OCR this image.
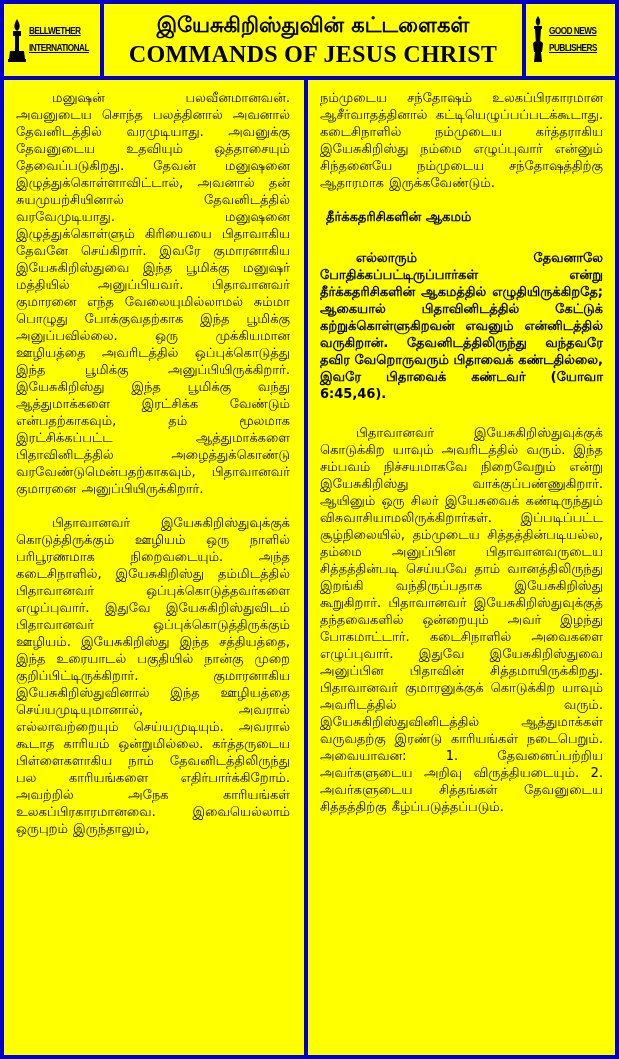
BELLWETHER
INTERNATIONAL
இயேசுகிறிஸ்துவின் கட்டளைகள்
COMMANDS OF JESUS CHRIST
GOOD NEWS
PUBLISHERS

மனுஷன் பலவீனமானவன். அவனுடைய சொந்த பலத்தினால் அவனால் தேவனிடத்தில் வரமுடியாது. அவனுக்கு தேவனுடைய உதவியும் ஒத்தாசையும் தேவைப்படுகிறது. தேவன் மனுஷனை இழுத்துக்கொள்ளாவிட்டால், அவனால் தன் சுயமுயற்சியினால் தேவனிடத்தில் வரவேமுடியாது. மனுஷனை இழுத்துக்கொள்ளும் கிரியையை பிதாவாகிய தேவனே செய்கிறார். இவரே குமாரனாகிய இயேசுகிறிஸ்துவை இந்த பூமிக்கு மனுஷர் மத்தியில் அனுப்பியவர். பிதாவானவர் குமாரனை எந்த வேலையுமில்லாமல் சும்மா பொழுது போக்குவதற்காக இந்த பூமிக்கு அனுப்பவில்லை. ஒரு முக்கியமான ஊழியத்தை அவரிடத்தில் ஒப்புக்கொடுத்து இந்த பூமிக்கு அனுப்பியிருக்கிறார். இயேசுகிறிஸ்து இந்த பூமிக்கு வந்து ஆத்துமாக்களை இரட்சிக்க வேண்டும் என்பதற்காகவும், தம் மூலமாக இரட்சிக்கப்பட்ட ஆத்துமாக்களை பிதாவினிடத்தில் அழைத்துக்கொண்டு வரவேண்டுமென்பதற்காகவும், பிதாவானவர் குமாரனை அனுப்பியிருக்கிறார்.

பிதாவானவர் இயேசுகிறிஸ்துவுக்குக் கொடுத்திருக்கும் ஊழியம் ஒரு நாளில் பரிபூரணமாக நிறைவடையும். அந்த கடைசிநாளில், இயேசுகிறிஸ்து தம்மிடத்தில் பிதாவானவர் ஒப்புக்கொடுத்தவர்களை எழுப்புவார். இதுவே இயேசுகிறிஸ்துவிடம் பிதாவானவர் ஒப்புக்கொடுத்திருக்கும் ஊழியம். இயேசுகிறிஸ்து இந்த சத்தியத்தை, இந்த உரையாடல் பகுதியில் நான்கு முறை குறிப்பிட்டிருக்கிறார். குமாரனாகிய இயேசுகிறிஸ்துவினால் இந்த ஊழியத்தை செய்யமுடியுமானால், அவரால் எல்லாவற்றையும் செய்யமுடியும். அவரால் கூடாத காரியம் ஒன்றுமில்லை. கர்த்தருடைய பிள்ளைகளாகிய நாம் தேவனிடத்திலிருந்து பல காரியங்களை எதிர்பார்க்கிறோம். அவற்றில் அநேக காரியங்கள் உலகப்பிரகாரமானவை. இவையெல்லாம் ஒருபுறம் இருந்தாலும்,

நம்முடைய சந்தோஷம் உலகப்பிரகாரமான ஆசீர்வாதத்தினால் கட்டியெழுப்பப்படக்கூடாது. கடைசிநாளில் நம்முடைய கர்த்தராகிய இயேசுகிறிஸ்து நம்மை எழுப்புவார் என்னும் சிந்தனையே நம்முடைய சந்தோஷத்திற்கு ஆதாரமாக இருக்கவேண்டும்.

தீர்க்கதரிசிகளின் ஆகமம்

எல்லாரும் தேவனாலே போதிக்கப்பட்டிருப்பார்கள் என்று தீர்க்கதரிசிகளின் ஆகமத்தில் எழுதியிருக்கிறதே; ஆகையால் பிதாவினிடத்தில் கேட்டுக் கற்றுக்கொள்ளுகிறவன் எவனும் என்னிடத்தில் வருகிறான். தேவனிடத்திலிருந்து வந்தவரே தவிர வேறொருவரும் பிதாவைக் கண்டதில்லை, இவரே பிதாவைக் கண்டவர் (யோவா 6:45,46).

பிதாவானவர் இயேசுகிறிஸ்துவுக்குக் கொடுக்கிற யாவும் அவரிடத்தில் வரும். இந்த சம்பவம் நிச்சயமாகவே நிறைவேறும் என்று இயேசுகிறிஸ்து வாக்குப்பண்ணுகிறார். ஆயினும் ஒரு சிலர் இயேசுவைக் கண்டிருந்தும் விசுவாசியாமலிருக்கிறார்கள். இப்படிப்பட்ட சூழ்நிலையில், தம்முடைய சித்தத்தின்படியல்ல, தம்மை அனுப்பின பிதாவானவருடைய சித்தத்தின்படி செய்யவே தாம் வானத்திலிருந்து இறங்கி வந்திருப்பதாக இயேசுகிறிஸ்து கூறுகிறார். பிதாவானவர் இயேசுகிறிஸ்துவுக்குத் தந்தவைகளில் ஒன்றையும் அவர் இழந்து போகமாட்டார். கடைசிநாளில் அவைகளை எழுப்புவார். இதுவே இயேசுகிறிஸ்துவை அனுப்பின பிதாவின் சித்தமாயிருக்கிறது. பிதாவானவர் குமாரனுக்குக் கொடுக்கிற யாவும் அவரிடத்தில் வரும். இயேசுகிறிஸ்துவினிடத்தில் ஆத்துமாக்கள் வருவதற்கு இரண்டு காரியங்கள் நடைபெறும். அவையாவன: 1. தேவனைப்பற்றிய அவர்களுடைய அறிவு விருத்தியடையும். 2. அவர்களுடைய சித்தங்கள் தேவனுடைய சித்தத்திற்கு கீழ்ப்படுத்தப்படும்.
